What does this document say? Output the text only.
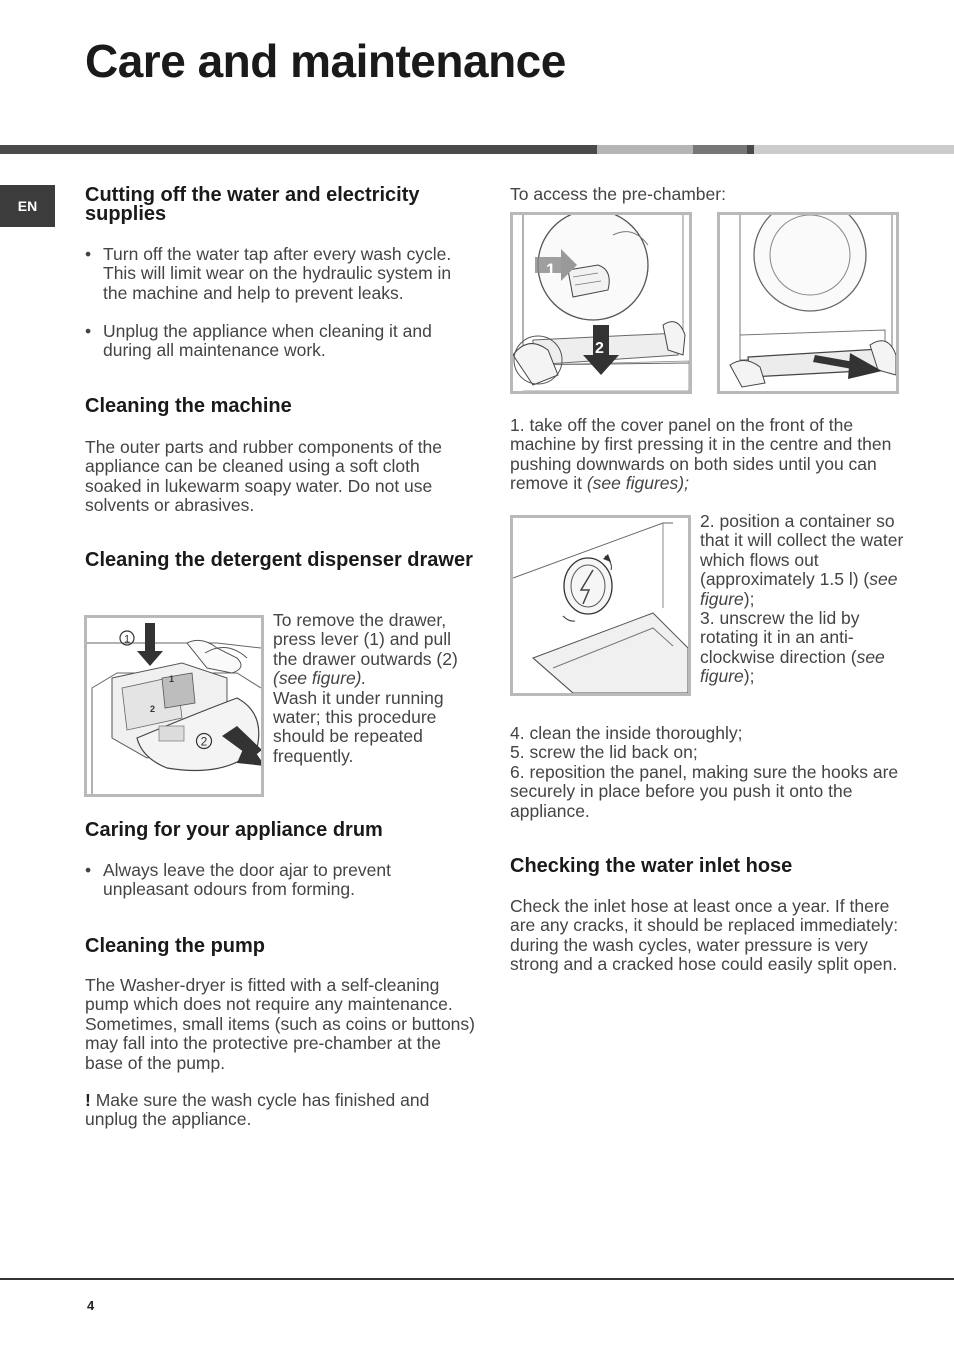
Care and maintenance
EN	Cutting off the water and electricity supplies
• Turn off the water tap after every wash cycle. This will limit wear on the hydraulic system in the machine and help to prevent leaks.
• Unplug the appliance when cleaning it and during all maintenance work.
Cleaning the machine

The outer parts and rubber components of the appliance can be cleaned using a soft cloth soaked in lukewarm soapy water. Do not use solvents or abrasives.

Cleaning the detergent dispenser drawer
1
2
1
2

To remove the drawer, press lever (1) and pull the drawer outwards (2) (see figure).
Wash it under running water; this procedure should be repeated frequently.

Caring for your appliance drum
• Always leave the door ajar to prevent unpleasant odours from forming.
Cleaning the pump

The Washer-dryer is fitted with a self-cleaning pump which does not require any maintenance. Sometimes, small items (such as coins or buttons) may fall into the protective pre-chamber at the base of the pump.

! Make sure the wash cycle has finished and unplug the appliance.

To access the pre-chamber:

1
2

1. take off the cover panel on the front of the machine by first pressing it in the centre and then pushing downwards on both sides until you can remove it (see figures);

2. position a container so that it will collect the water which flows out (approximately 1.5 l) (see figure);
3. unscrew the lid by rotating it in an anti-clockwise direction (see figure);

4. clean the inside thoroughly;
5. screw the lid back on;
6. reposition the panel, making sure the hooks are securely in place before you push it onto the appliance.

Checking the water inlet hose

Check the inlet hose at least once a year. If there are any cracks, it should be replaced immediately: during the wash cycles, water pressure is very strong and a cracked hose could easily split open.

4
